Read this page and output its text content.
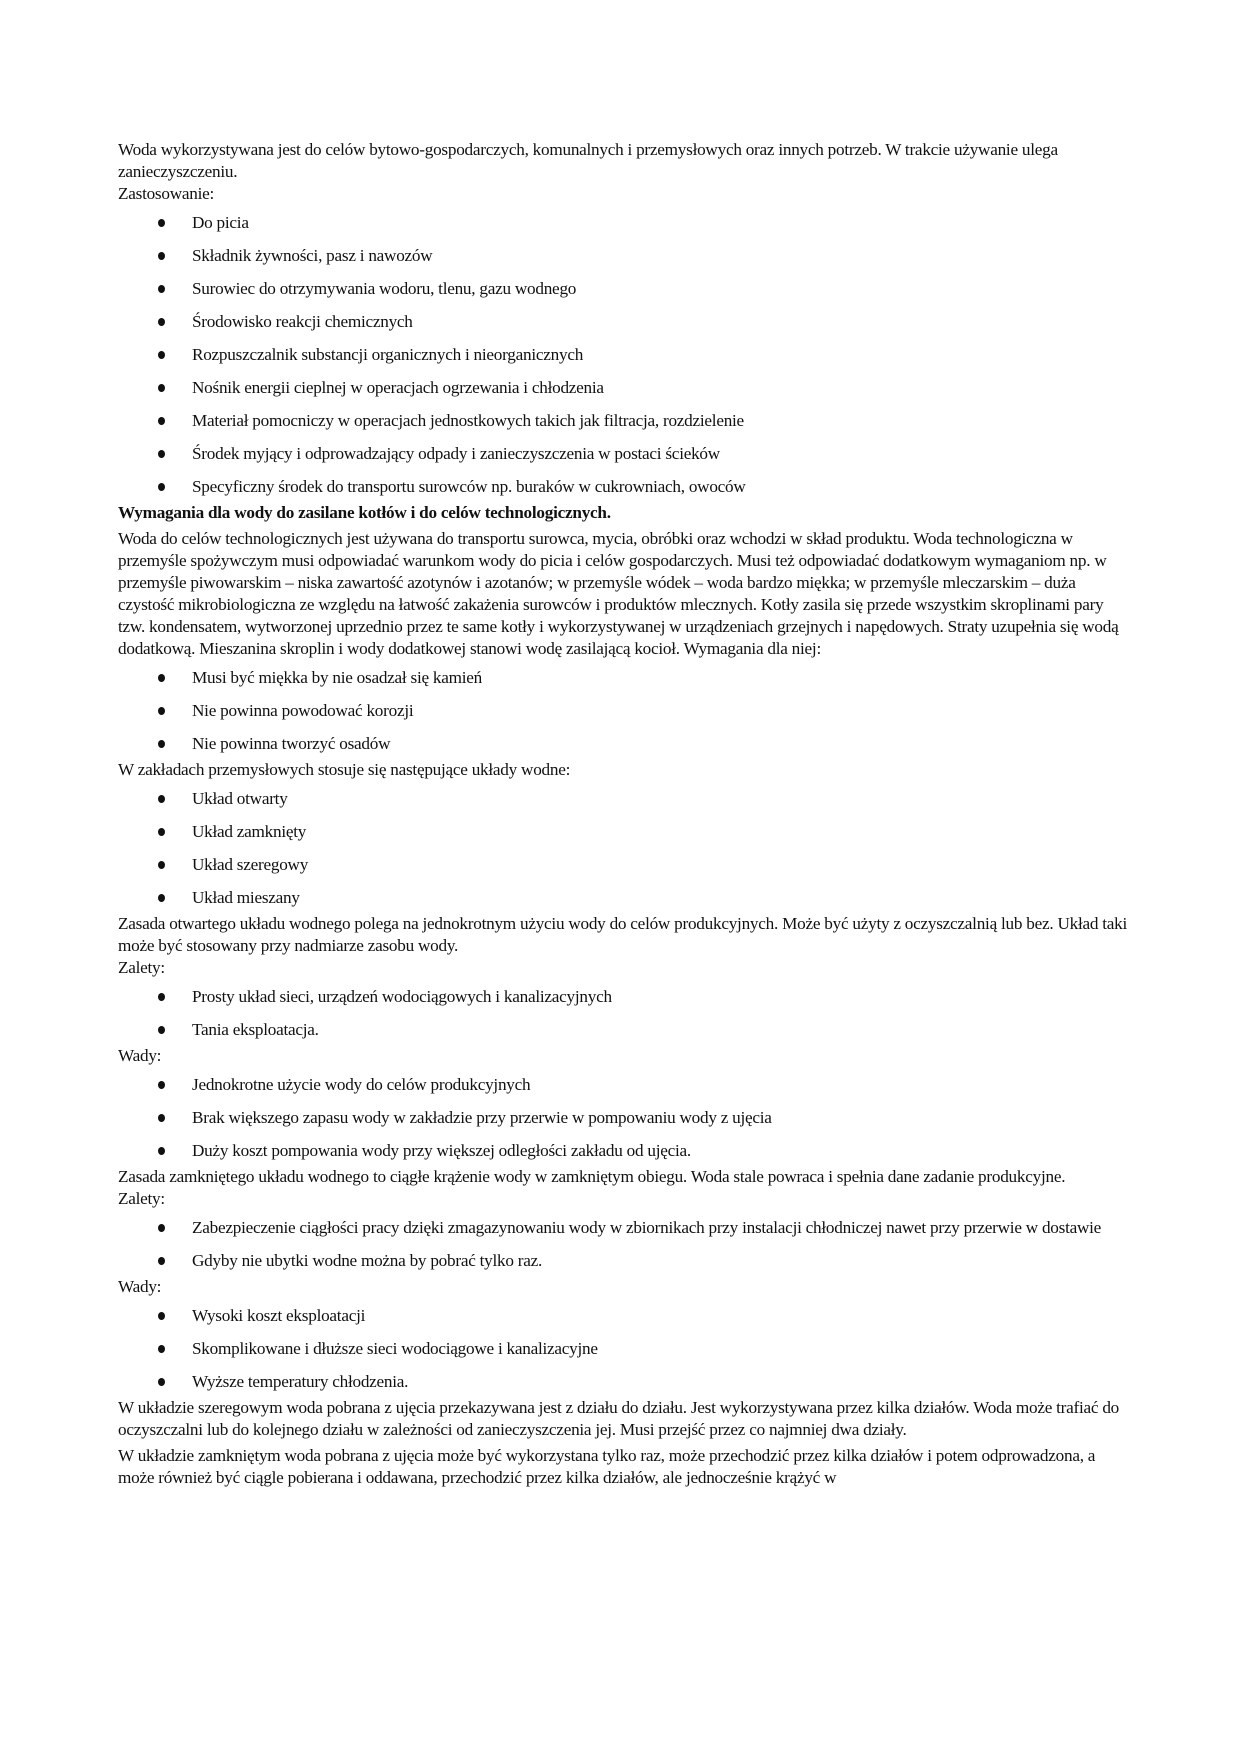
Woda wykorzystywana jest do celów bytowo-gospodarczych, komunalnych i przemysłowych oraz innych potrzeb. W trakcie używanie ulega zanieczyszczeniu.

Zastosowanie:

Do picia
Składnik żywności, pasz i nawozów
Surowiec do otrzymywania wodoru, tlenu, gazu wodnego
Środowisko reakcji chemicznych
Rozpuszczalnik substancji organicznych i nieorganicznych
Nośnik energii cieplnej w operacjach ogrzewania i chłodzenia
Materiał pomocniczy w operacjach jednostkowych takich jak filtracja, rozdzielenie
Środek myjący i odprowadzający odpady i zanieczyszczenia w postaci ścieków
Specyficzny środek do transportu surowców np. buraków w cukrowniach, owoców

Wymagania dla wody do zasilane kotłów i do celów technologicznych.

Woda do celów technologicznych jest używana do transportu surowca, mycia, obróbki oraz wchodzi w skład produktu. Woda technologiczna w przemyśle spożywczym musi odpowiadać warunkom wody do picia i celów gospodarczych. Musi też odpowiadać dodatkowym wymaganiom np. w przemyśle piwowarskim – niska zawartość azotynów i azotanów; w przemyśle wódek – woda bardzo miękka; w przemyśle mleczarskim – duża czystość mikrobiologiczna ze względu na łatwość zakażenia surowców i produktów mlecznych. Kotły zasila się przede wszystkim skroplinami pary tzw. kondensatem, wytworzonej uprzednio przez te same kotły i wykorzystywanej w urządzeniach grzejnych i napędowych. Straty uzupełnia się wodą dodatkową. Mieszanina skroplin i wody dodatkowej stanowi wodę zasilającą kocioł. Wymagania dla niej:

Musi być miękka by nie osadzał się kamień
Nie powinna powodować korozji
Nie powinna tworzyć osadów

W zakładach przemysłowych stosuje się następujące układy wodne:

Układ otwarty
Układ zamknięty
Układ szeregowy
Układ mieszany

Zasada otwartego układu wodnego polega na jednokrotnym użyciu wody do celów produkcyjnych. Może być użyty z oczyszczalnią lub bez. Układ taki może być stosowany przy nadmiarze zasobu wody.

Zalety:

Prosty układ sieci, urządzeń wodociągowych i kanalizacyjnych
Tania eksploatacja.

Wady:

Jednokrotne użycie wody do celów produkcyjnych
Brak większego zapasu wody w zakładzie przy przerwie w pompowaniu wody z ujęcia
Duży koszt pompowania wody przy większej odległości zakładu od ujęcia.

Zasada zamkniętego układu wodnego to ciągłe krążenie wody w zamkniętym obiegu. Woda stale powraca i spełnia dane zadanie produkcyjne.

Zalety:

Zabezpieczenie ciągłości pracy dzięki zmagazynowaniu wody w zbiornikach przy instalacji chłodniczej nawet przy przerwie w dostawie
Gdyby nie ubytki wodne można by pobrać tylko raz.

Wady:

Wysoki koszt eksploatacji
Skomplikowane i dłuższe sieci wodociągowe i kanalizacyjne
Wyższe temperatury chłodzenia.

W układzie szeregowym woda pobrana z ujęcia przekazywana jest z działu do działu. Jest wykorzystywana przez kilka działów. Woda może trafiać do oczyszczalni lub do kolejnego działu w zależności od zanieczyszczenia jej. Musi przejść przez co najmniej dwa działy.

W układzie zamkniętym woda pobrana z ujęcia może być wykorzystana tylko raz, może przechodzić przez kilka działów i potem odprowadzona, a może również być ciągle pobierana i oddawana, przechodzić przez kilka działów, ale jednocześnie krążyć w
